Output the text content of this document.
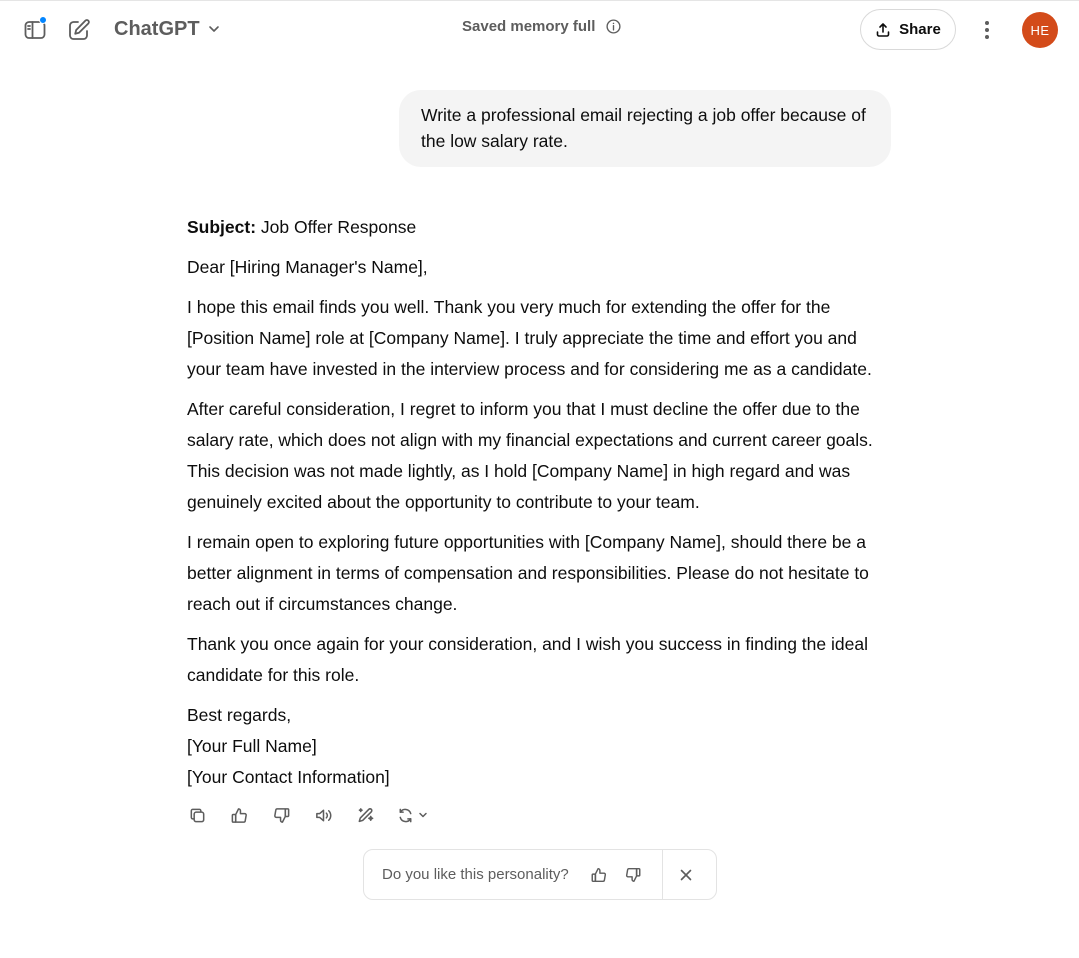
ChatGPT	Saved memory full	Share	HE
Write a professional email rejecting a job offer because of the low salary rate.

Subject: Job Offer Response

Dear [Hiring Manager's Name],

I hope this email finds you well. Thank you very much for extending the offer for the [Position Name] role at [Company Name]. I truly appreciate the time and effort you and your team have invested in the interview process and for considering me as a candidate.

After careful consideration, I regret to inform you that I must decline the offer due to the salary rate, which does not align with my financial expectations and current career goals. This decision was not made lightly, as I hold [Company Name] in high regard and was genuinely excited about the opportunity to contribute to your team.

I remain open to exploring future opportunities with [Company Name], should there be a better alignment in terms of compensation and responsibilities. Please do not hesitate to reach out if circumstances change.

Thank you once again for your consideration, and I wish you success in finding the ideal candidate for this role.

Best regards,
[Your Full Name]
[Your Contact Information]
Do you like this personality?
